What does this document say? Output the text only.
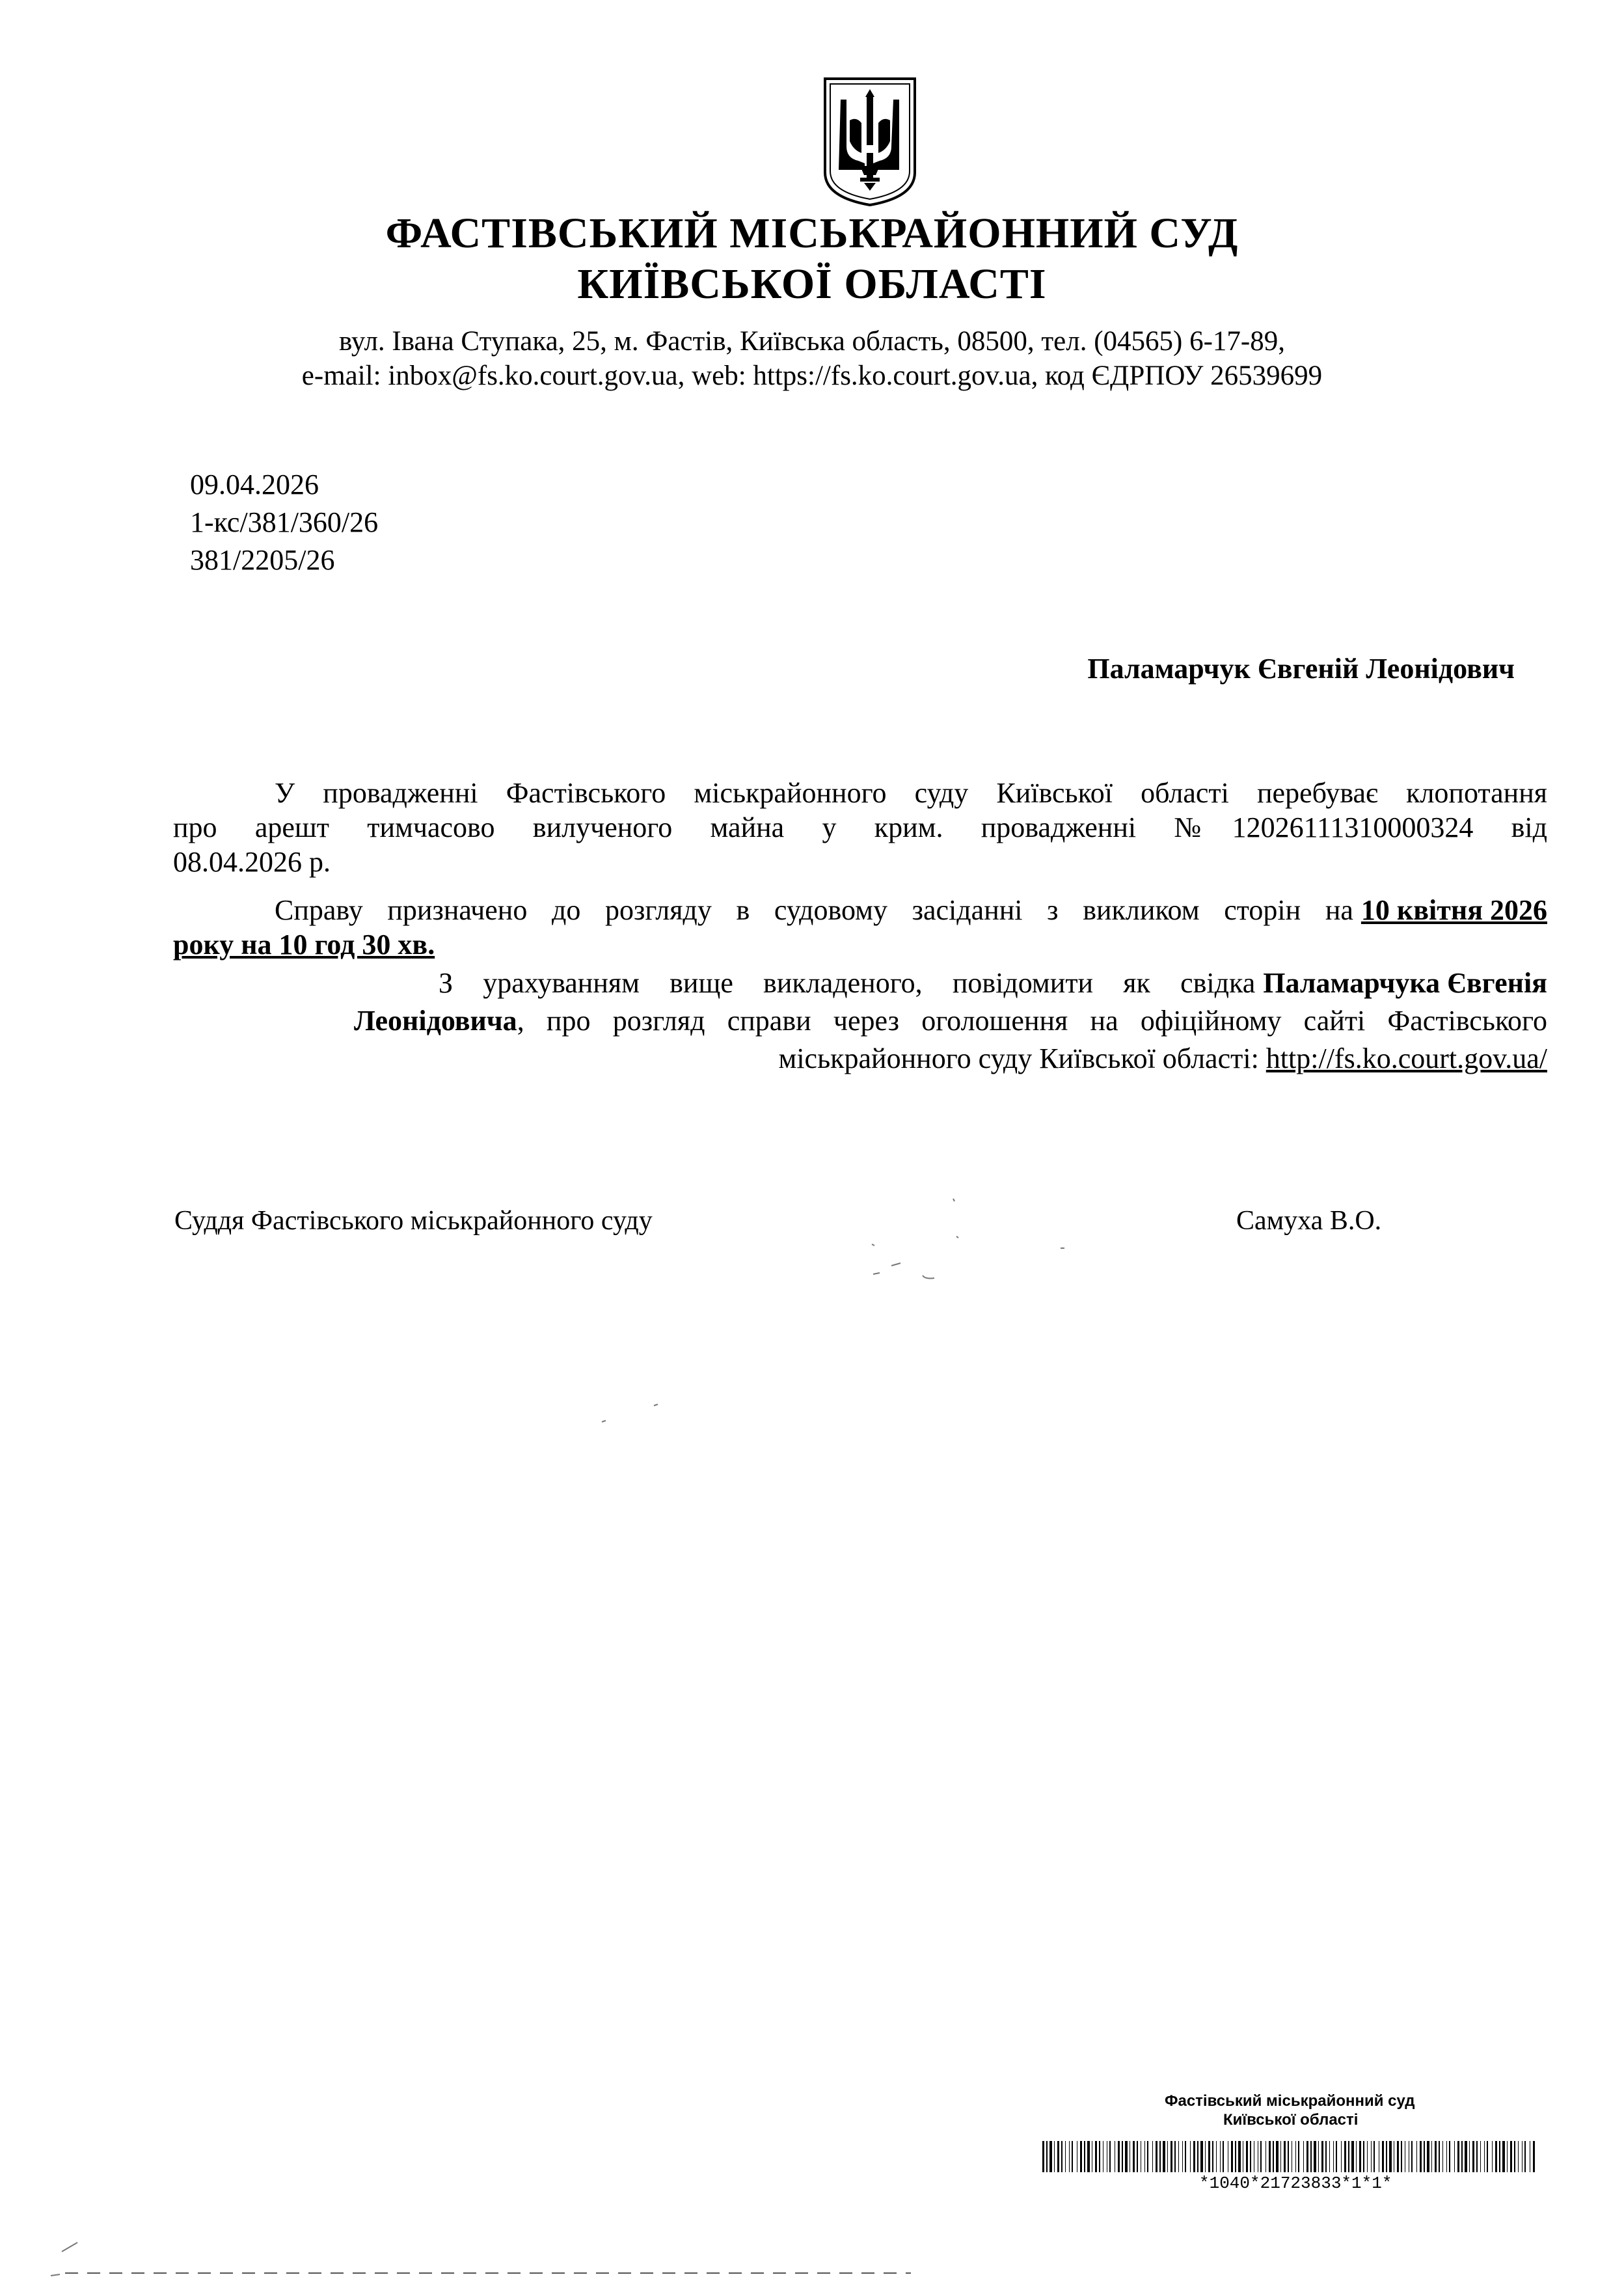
ФАСТІВСЬКИЙ МІСЬКРАЙОННИЙ СУД
КИЇВСЬКОЇ ОБЛАСТІ
вул. Івана Ступака, 25, м. Фастів, Київська область, 08500, тел. (04565) 6-17-89,
e-mail: inbox@fs.ko.court.gov.ua, web: https://fs.ko.court.gov.ua, код ЄДРПОУ 26539699
09.04.2026
1-кс/381/360/26
381/2205/26
Паламарчук Євгеній Леонідович
У провадженні Фастівського міськрайонного суду Київської області перебуває клопотання
про арешт тимчасово вилученого майна у крим. провадженні №12026111310000324 від
08.04.2026 р.
Справу призначено до розгляду в судовому засіданні з викликом сторін на 10 квітня 2026
року на 10 год 30 хв.
З урахуванням вище викладеного, повідомити як свідка Паламарчука Євгенія
Леонідовича , про розгляд справи через оголошення на офіційному сайті Фастівського
міськрайонного суду Київської області: http://fs.ko.court.gov.ua/
Суддя Фастівського міськрайонного суду	Самуха В.О.
Фастівський міськрайонний суд
Київської області
*1040*21723833*1*1*
